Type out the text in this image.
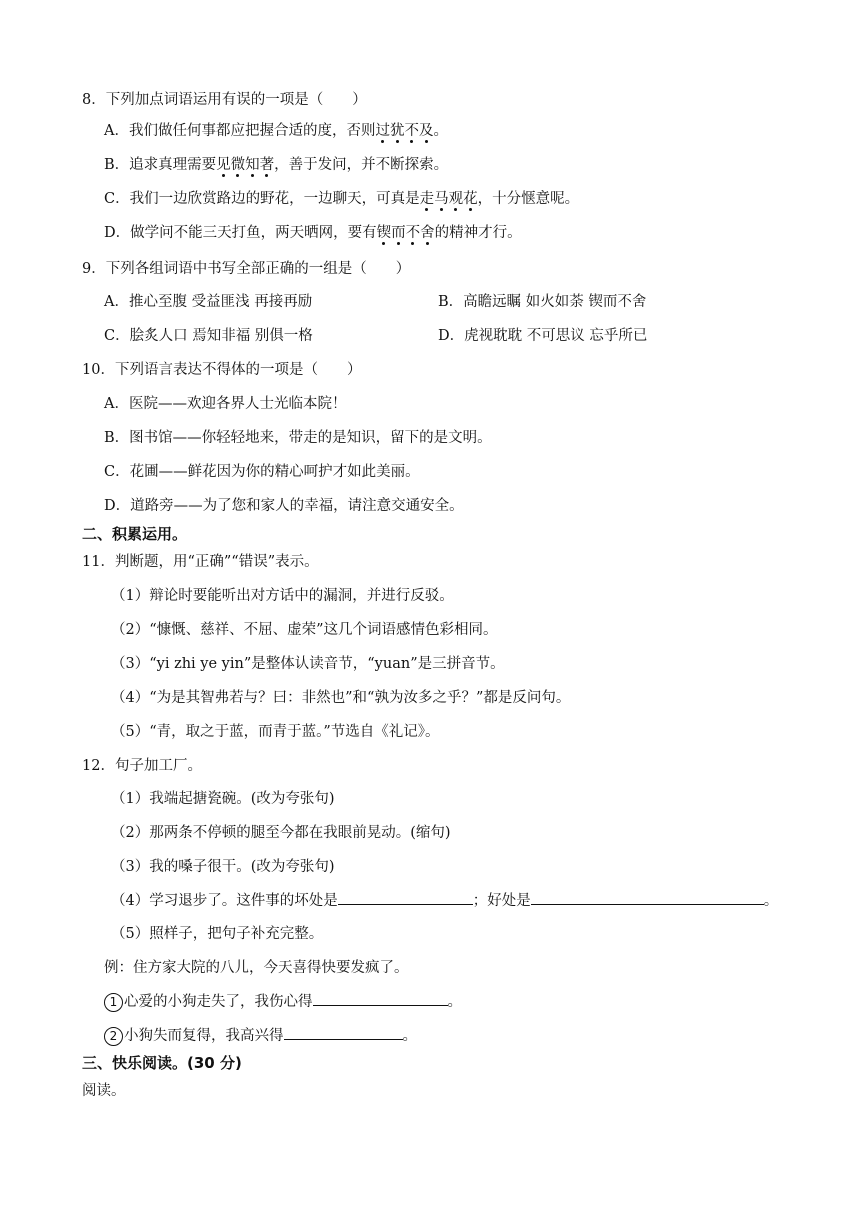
8．下列加点词语运用有误的一项是（　　）
A．我们做任何事都应把握合适的度，否则过犹不及。
B．追求真理需要见微知著，善于发问，并不断探索。
C．我们一边欣赏路边的野花，一边聊天，可真是走马观花，十分惬意呢。
D．做学问不能三天打鱼，两天晒网，要有锲而不舍的精神才行。
9．下列各组词语中书写全部正确的一组是（　　）
A．推心至腹 受益匪浅 再接再励	B．高瞻远瞩 如火如荼 锲而不舍
C．脍炙人口 焉知非福 别俱一格	D．虎视耽耽 不可思议 忘乎所已
10．下列语言表达不得体的一项是（　　）
A．医院——欢迎各界人士光临本院！
B．图书馆——你轻轻地来，带走的是知识，留下的是文明。
C．花圃——鲜花因为你的精心呵护才如此美丽。
D．道路旁——为了您和家人的幸福，请注意交通安全。
二、积累运用。
11．判断题，用“正确”“错误”表示。
（1）辩论时要能听出对方话中的漏洞，并进行反驳。
（2）“慷慨、慈祥、不屈、虚荣”这几个词语感情色彩相同。
（3）“yi zhi ye yin”是整体认读音节，“yuan”是三拼音节。
（4）“为是其智弗若与？曰：非然也”和“孰为汝多之乎？”都是反问句。
（5）“青，取之于蓝，而青于蓝。”节选自《礼记》。
12．句子加工厂。
（1）我端起搪瓷碗。(改为夸张句)
（2）那两条不停顿的腿至今都在我眼前晃动。(缩句)
（3）我的嗓子很干。(改为夸张句)
（4）学习退步了。这件事的坏处是	；好处是	。
（5）照样子，把句子补充完整。
例：住方家大院的八儿，今天喜得快要发疯了。
1 心爱的小狗走失了，我伤心得	。
2 小狗失而复得，我高兴得	。
三、快乐阅读。(30 分)
阅读。
